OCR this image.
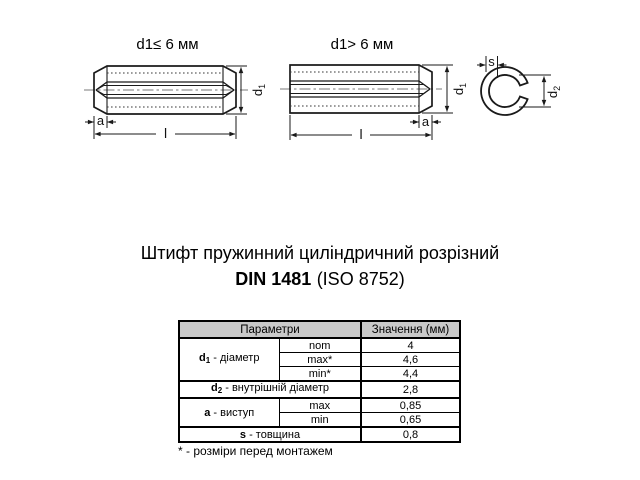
d1≤ 6 мм	d1> 6 мм
$d_1$
a
l
$d_1$
a
l
s
$d_2$
Штифт пружинний циліндричний розрізний
DIN 1481 (ISO 8752)
Параметри		Значення (мм)
$d_1$ - діаметр	nom	4
	max*	4,6
	min*	4,4
$d_2$ - внутрішній діаметр		2,8
a - виступ	max	0,85
	min	0,65
s - товщина		0,8
* - розміри перед монтажем
